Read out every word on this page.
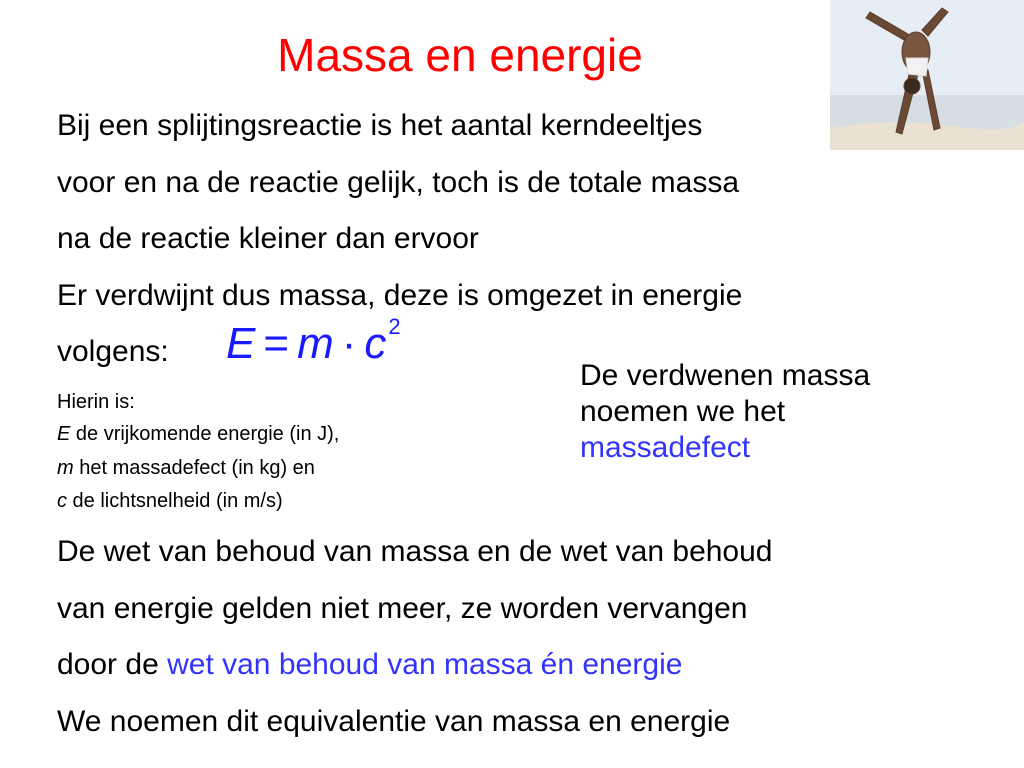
Massa en energie
Bij een splijtingsreactie is het aantal kerndeeltjes
voor en na de reactie gelijk, toch is de totale massa
na de reactie kleiner dan ervoor
Er verdwijnt dus massa, deze is omgezet in energie
volgens: $E = m \cdot c^2$
Hierin is:
E de vrijkomende energie (in J),
m het massadefect (in kg) en
c de lichtsnelheid (in m/s)
De verdwenen massa
noemen we het
massadefect
De wet van behoud van massa en de wet van behoud
van energie gelden niet meer, ze worden vervangen
door de wet van behoud van massa én energie
We noemen dit equivalentie van massa en energie
